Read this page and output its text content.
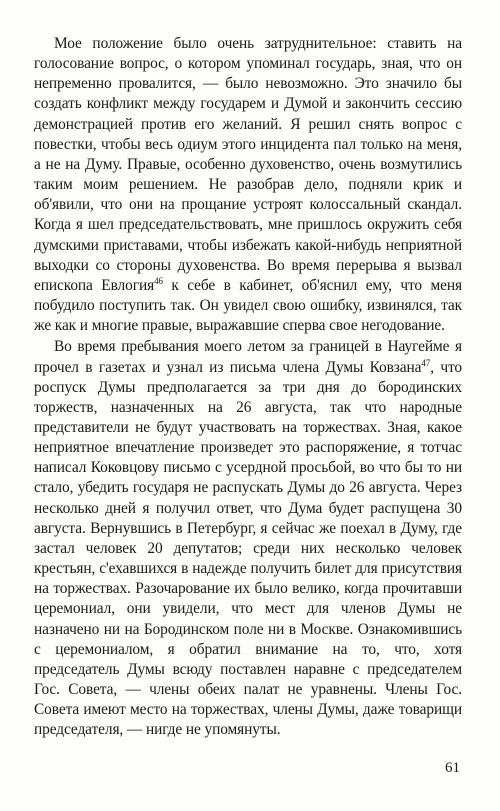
Мое положение было очень затруднительное: ставить на голосование вопрос, о котором упоминал государь, зная, что он непременно провалится, — было невозможно. Это значило бы создать конфликт между государем и Думой и закончить сессию демонстрацией против его желаний. Я решил снять вопрос с повестки, чтобы весь одиум этого инцидента пал только на меня, а не на Думу. Правые, особенно духовенство, очень возмутились таким моим решением. Не разобрав дело, подняли крик и об'явили, что они на прощание устроят колоссальный скандал. Когда я шел председательствовать, мне пришлось окружить себя думскими приставами, чтобы избежать какой-нибудь неприятной выходки со стороны духовенства. Во время перерыва я вызвал епископа Евлогия$^{46}$ к себе в кабинет, об'яснил ему, что меня побудило поступить так. Он увидел свою ошибку, извинялся, так же как и многие правые, выражавшие сперва свое негодование.

Во время пребывания моего летом за границей в Наугейме я прочел в газетах и узнал из письма члена Думы Ковзана$^{47}$, что роспуск Думы предполагается за три дня до бородинских торжеств, назначенных на 26 августа, так что народные представители не будут участвовать на торжествах. Зная, какое неприятное впечатление произведет это распоряжение, я тотчас написал Коковцову письмо с усердной просьбой, во что бы то ни стало, убедить государя не распускать Думы до 26 августа. Через несколько дней я получил ответ, что Дума будет распущена 30 августа. Вернувшись в Петербург, я сейчас же поехал в Думу, где застал человек 20 депутатов; среди них несколько человек крестьян, с'ехавшихся в надежде получить билет для присутствия на торжествах. Разочарование их было велико, когда прочитавши церемониал, они увидели, что мест для членов Думы не назначено ни на Бородинском поле ни в Москве. Ознакомившись с церемониалом, я обратил внимание на то, что, хотя председатель Думы всюду поставлен наравне с председателем Гос. Совета, — члены обеих палат не уравнены. Члены Гос. Совета имеют место на торжествах, члены Думы, даже товарищи председателя, — нигде не упомянуты.

61
